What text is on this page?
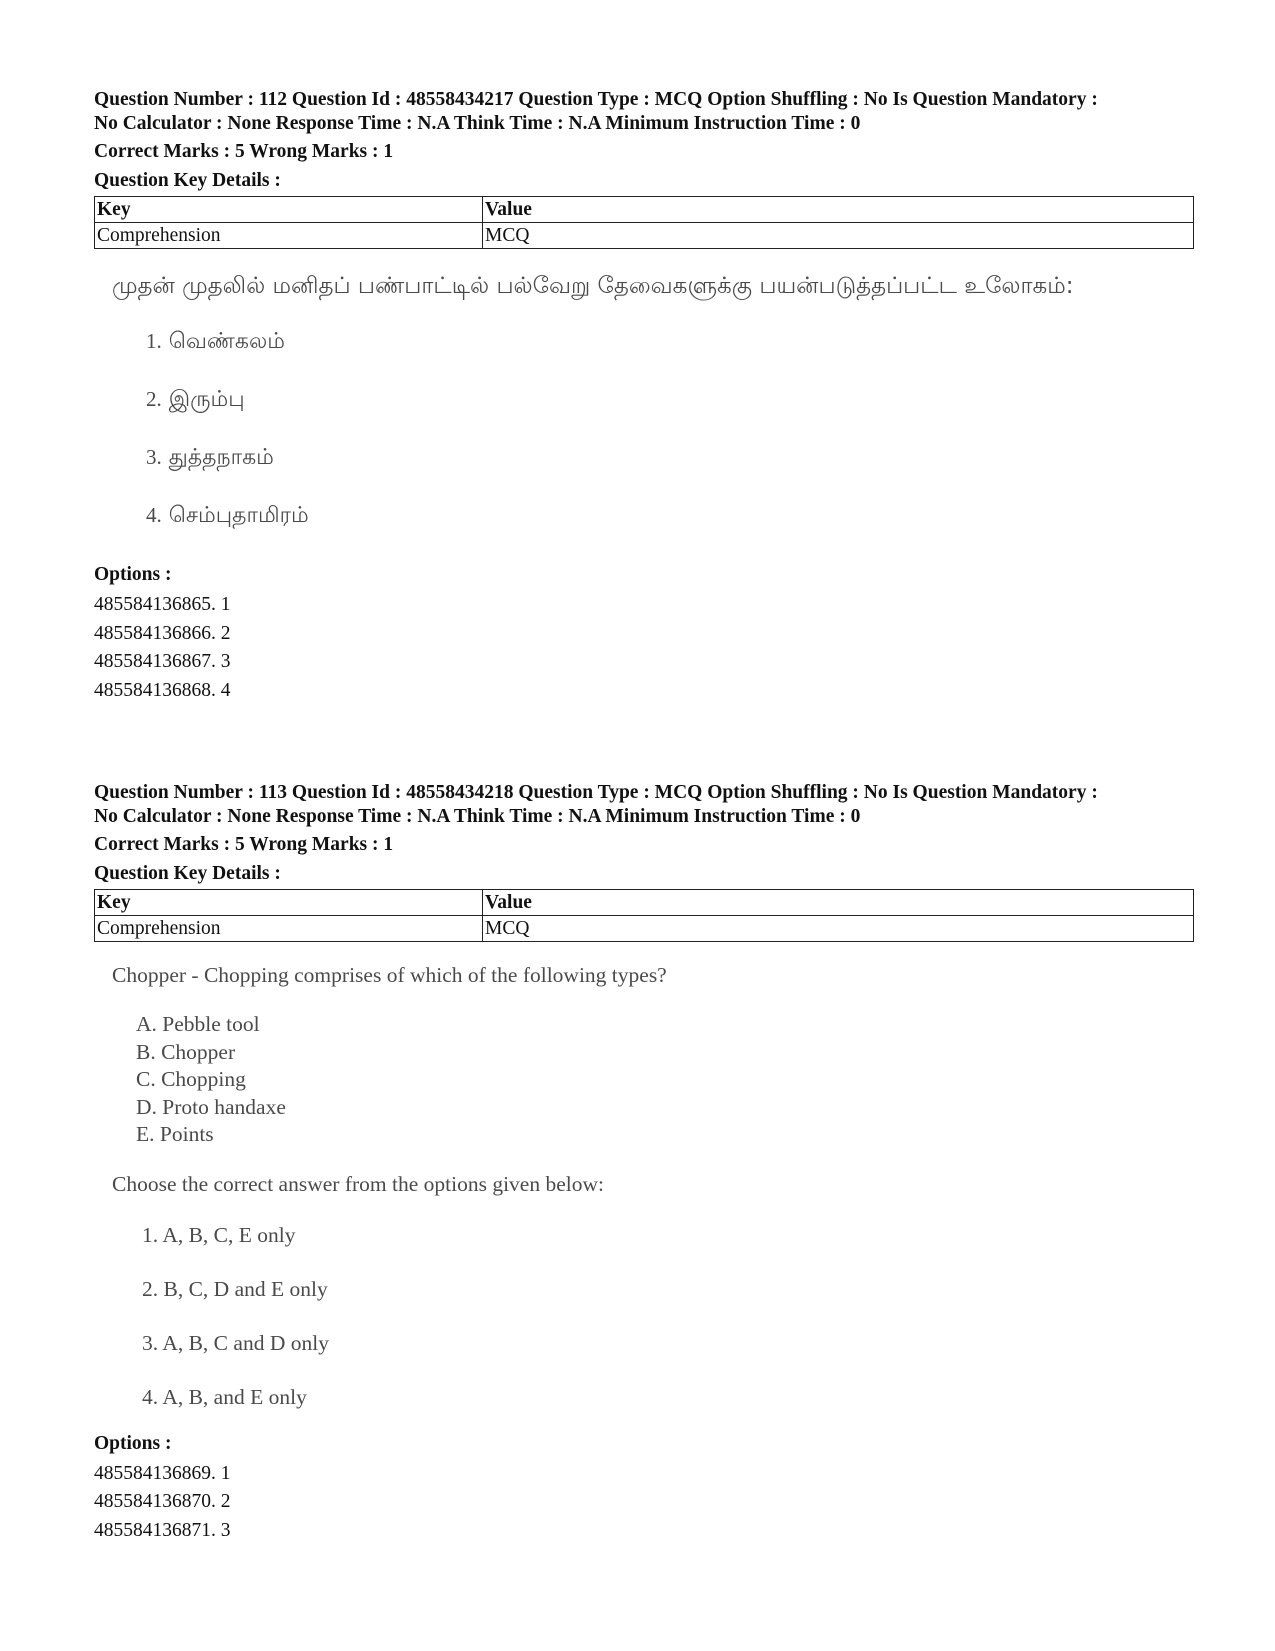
Question Number : 112 Question Id : 48558434217 Question Type : MCQ Option Shuffling : No Is Question Mandatory :
No Calculator : None Response Time : N.A Think Time : N.A Minimum Instruction Time : 0
Correct Marks : 5 Wrong Marks : 1
Question Key Details :
Key	Value
Comprehension	MCQ
முதன் முதலில் மனிதப் பண்பாட்டில் பல்வேறு தேவைகளுக்கு பயன்படுத்தப்பட்ட உலோகம்:
1. வெண்கலம்
2. இரும்பு
3. துத்தநாகம்
4. செம்புதாமிரம்
Options :
485584136865. 1
485584136866. 2
485584136867. 3
485584136868. 4
Question Number : 113 Question Id : 48558434218 Question Type : MCQ Option Shuffling : No Is Question Mandatory :
No Calculator : None Response Time : N.A Think Time : N.A Minimum Instruction Time : 0
Correct Marks : 5 Wrong Marks : 1
Question Key Details :
Key	Value
Comprehension	MCQ
Chopper - Chopping comprises of which of the following types?
A. Pebble tool
B. Chopper
C. Chopping
D. Proto handaxe
E. Points
Choose the correct answer from the options given below:
1. A, B, C, E only
2. B, C, D and E only
3. A, B, C and D only
4. A, B, and E only
Options :
485584136869. 1
485584136870. 2
485584136871. 3
